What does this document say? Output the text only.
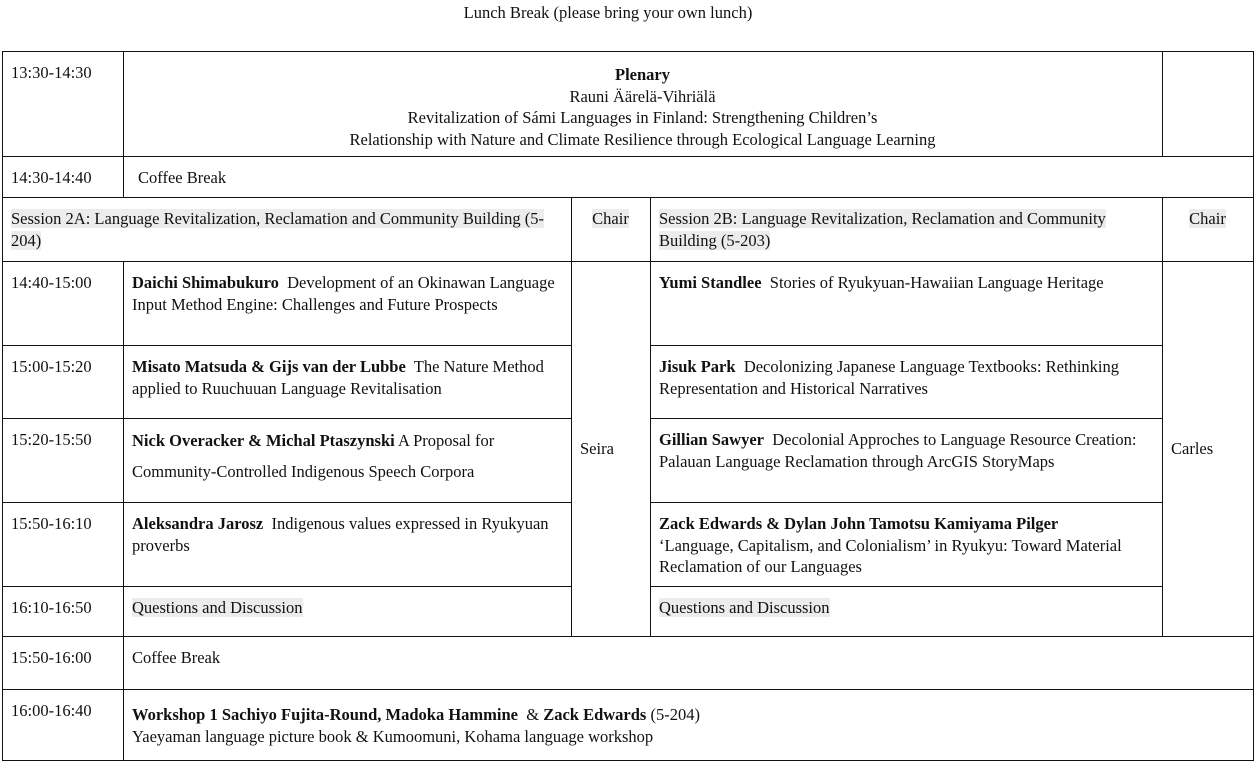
Lunch Break (please bring your own lunch)
13:30-14:30	Plenary
Rauni Äärelä-Vihriälä
Revitalization of Sámi Languages in Finland: Strengthening Children’s
Relationship with Nature and Climate Resilience through Ecological Language Learning			
14:30-14:40	Coffee Break			
Session 2A: Language Revitalization, Reclamation and Community Building (5-204)		Chair	Session 2B: Language Revitalization, Reclamation and Community Building (5-203)	Chair
14:40-15:00	Daichi Shimabukuro Development of an Okinawan Language Input Method Engine: Challenges and Future Prospects	Seira	Yumi Standlee Stories of Ryukyuan-Hawaiian Language Heritage	Carles
15:00-15:20	Misato Matsuda & Gijs van der Lubbe The Nature Method applied to Ruuchuuan Language Revitalisation		Jisuk Park Decolonizing Japanese Language Textbooks: Rethinking Representation and Historical Narratives	
15:20-15:50	Nick Overacker & Michal Ptaszynski A Proposal for Community-Controlled Indigenous Speech Corpora		Gillian Sawyer Decolonial Approches to Language Resource Creation: Palauan Language Reclamation through ArcGIS StoryMaps	
15:50-16:10	Aleksandra Jarosz Indigenous values expressed in Ryukyuan proverbs		Zack Edwards & Dylan John Tamotsu Kamiyama Pilger
‘Language, Capitalism, and Colonialism’ in Ryukyu: Toward Material Reclamation of our Languages	
16:10-16:50	Questions and Discussion		Questions and Discussion	
15:50-16:00	Coffee Break			
16:00-16:40	Workshop 1 Sachiyo Fujita-Round, Madoka Hammine & Zack Edwards (5-204)
Yaeyaman language picture book & Kumoomuni, Kohama language workshop			
